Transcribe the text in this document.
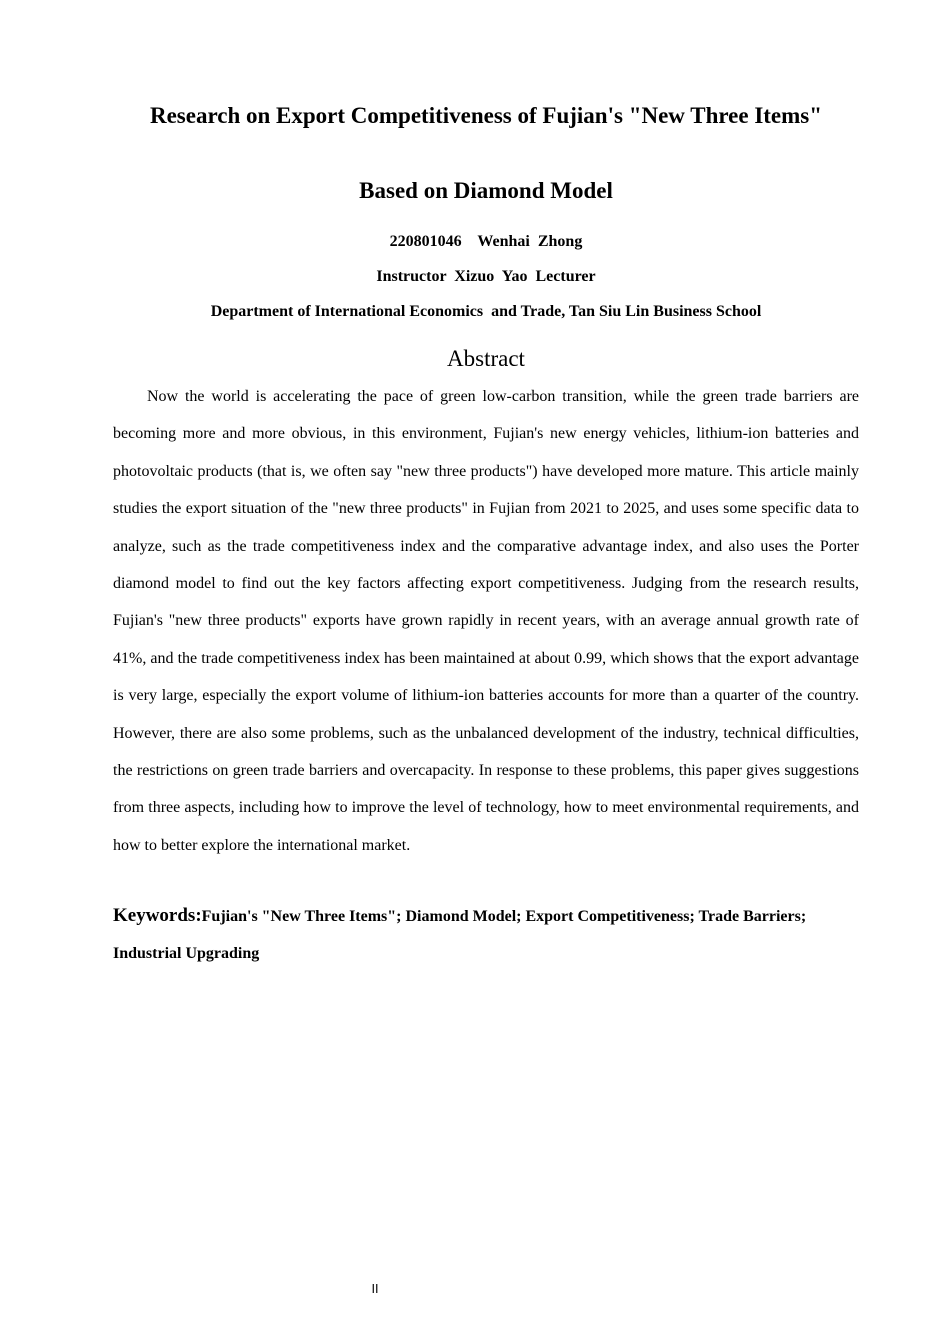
Research on Export Competitiveness of Fujian's "New Three Items"
Based on Diamond Model
220801046    Wenhai  Zhong
Instructor  Xizuo  Yao  Lecturer
Department of International Economics  and Trade, Tan Siu Lin Business School
Abstract

Now the world is accelerating the pace of green low-carbon transition, while the green trade barriers are becoming more and more obvious, in this environment, Fujian's new energy vehicles, lithium-ion batteries and photovoltaic products (that is, we often say "new three products") have developed more mature. This article mainly studies the export situation of the "new three products" in Fujian from 2021 to 2025, and uses some specific data to analyze, such as the trade competitiveness index and the comparative advantage index, and also uses the Porter diamond model to find out the key factors affecting export competitiveness. Judging from the research results, Fujian's "new three products" exports have grown rapidly in recent years, with an average annual growth rate of 41%, and the trade competitiveness index has been maintained at about 0.99, which shows that the export advantage is very large, especially the export volume of lithium-ion batteries accounts for more than a quarter of the country. However, there are also some problems, such as the unbalanced development of the industry, technical difficulties, the restrictions on green trade barriers and overcapacity. In response to these problems, this paper gives suggestions from three aspects, including how to improve the level of technology, how to meet environmental requirements, and how to better explore the international market.

Keywords:Fujian's "New Three Items"; Diamond Model; Export Competitiveness; Trade Barriers; Industrial Upgrading

II
